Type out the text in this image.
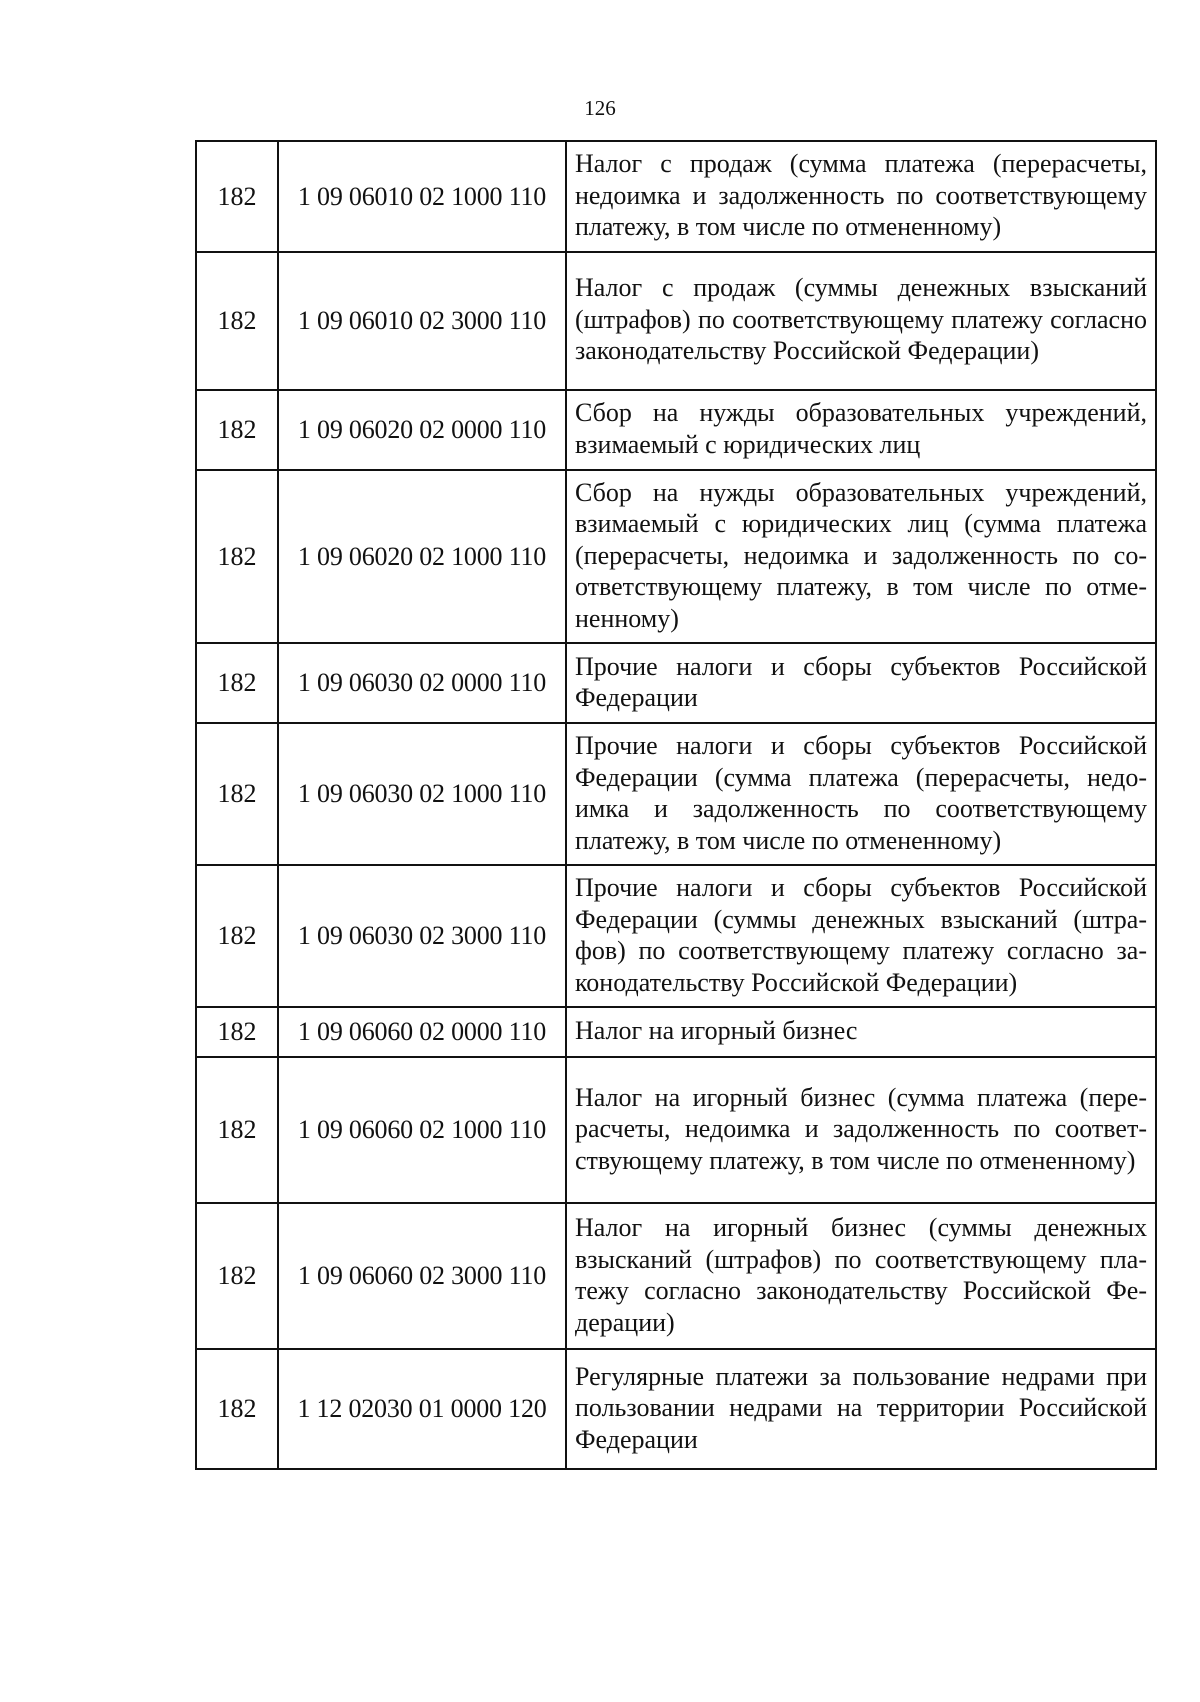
126
182	1 09 06010 02 1000 110	Налог с продаж (сумма платежа (перерасчеты, недоимка и задолженность по соответствующему платежу, в том числе по отмененному)
182	1 09 06010 02 3000 110	Налог с продаж (суммы денежных взысканий (штрафов) по соответствующему платежу согласно законодательству Российской Федерации)
182	1 09 06020 02 0000 110	Сбор на нужды образовательных учреждений, взимаемый с юридических лиц
182	1 09 06020 02 1000 110	Сбор на нужды образовательных учреждений, взимаемый с юридических лиц (сумма платежа (перерасчеты, недоимка и задолженность по соответствующему платежу, в том числе по отмененному)
182	1 09 06030 02 0000 110	Прочие налоги и сборы субъектов Российской Федерации
182	1 09 06030 02 1000 110	Прочие налоги и сборы субъектов Российской Федерации (сумма платежа (перерасчеты, недоимка и задолженность по соответствующему платежу, в том числе по отмененному)
182	1 09 06030 02 3000 110	Прочие налоги и сборы субъектов Российской Федерации (суммы денежных взысканий (штрафов) по соответствующему платежу согласно законодательству Российской Федерации)
182	1 09 06060 02 0000 110	Налог на игорный бизнес
182	1 09 06060 02 1000 110	Налог на игорный бизнес (сумма платежа (перерасчеты, недоимка и задолженность по соответствующему платежу, в том числе по отмененному)
182	1 09 06060 02 3000 110	Налог на игорный бизнес (суммы денежных взысканий (штрафов) по соответствующему платежу согласно законодательству Российской Федерации)
182	1 12 02030 01 0000 120	Регулярные платежи за пользование недрами при пользовании недрами на территории Российской Федерации
